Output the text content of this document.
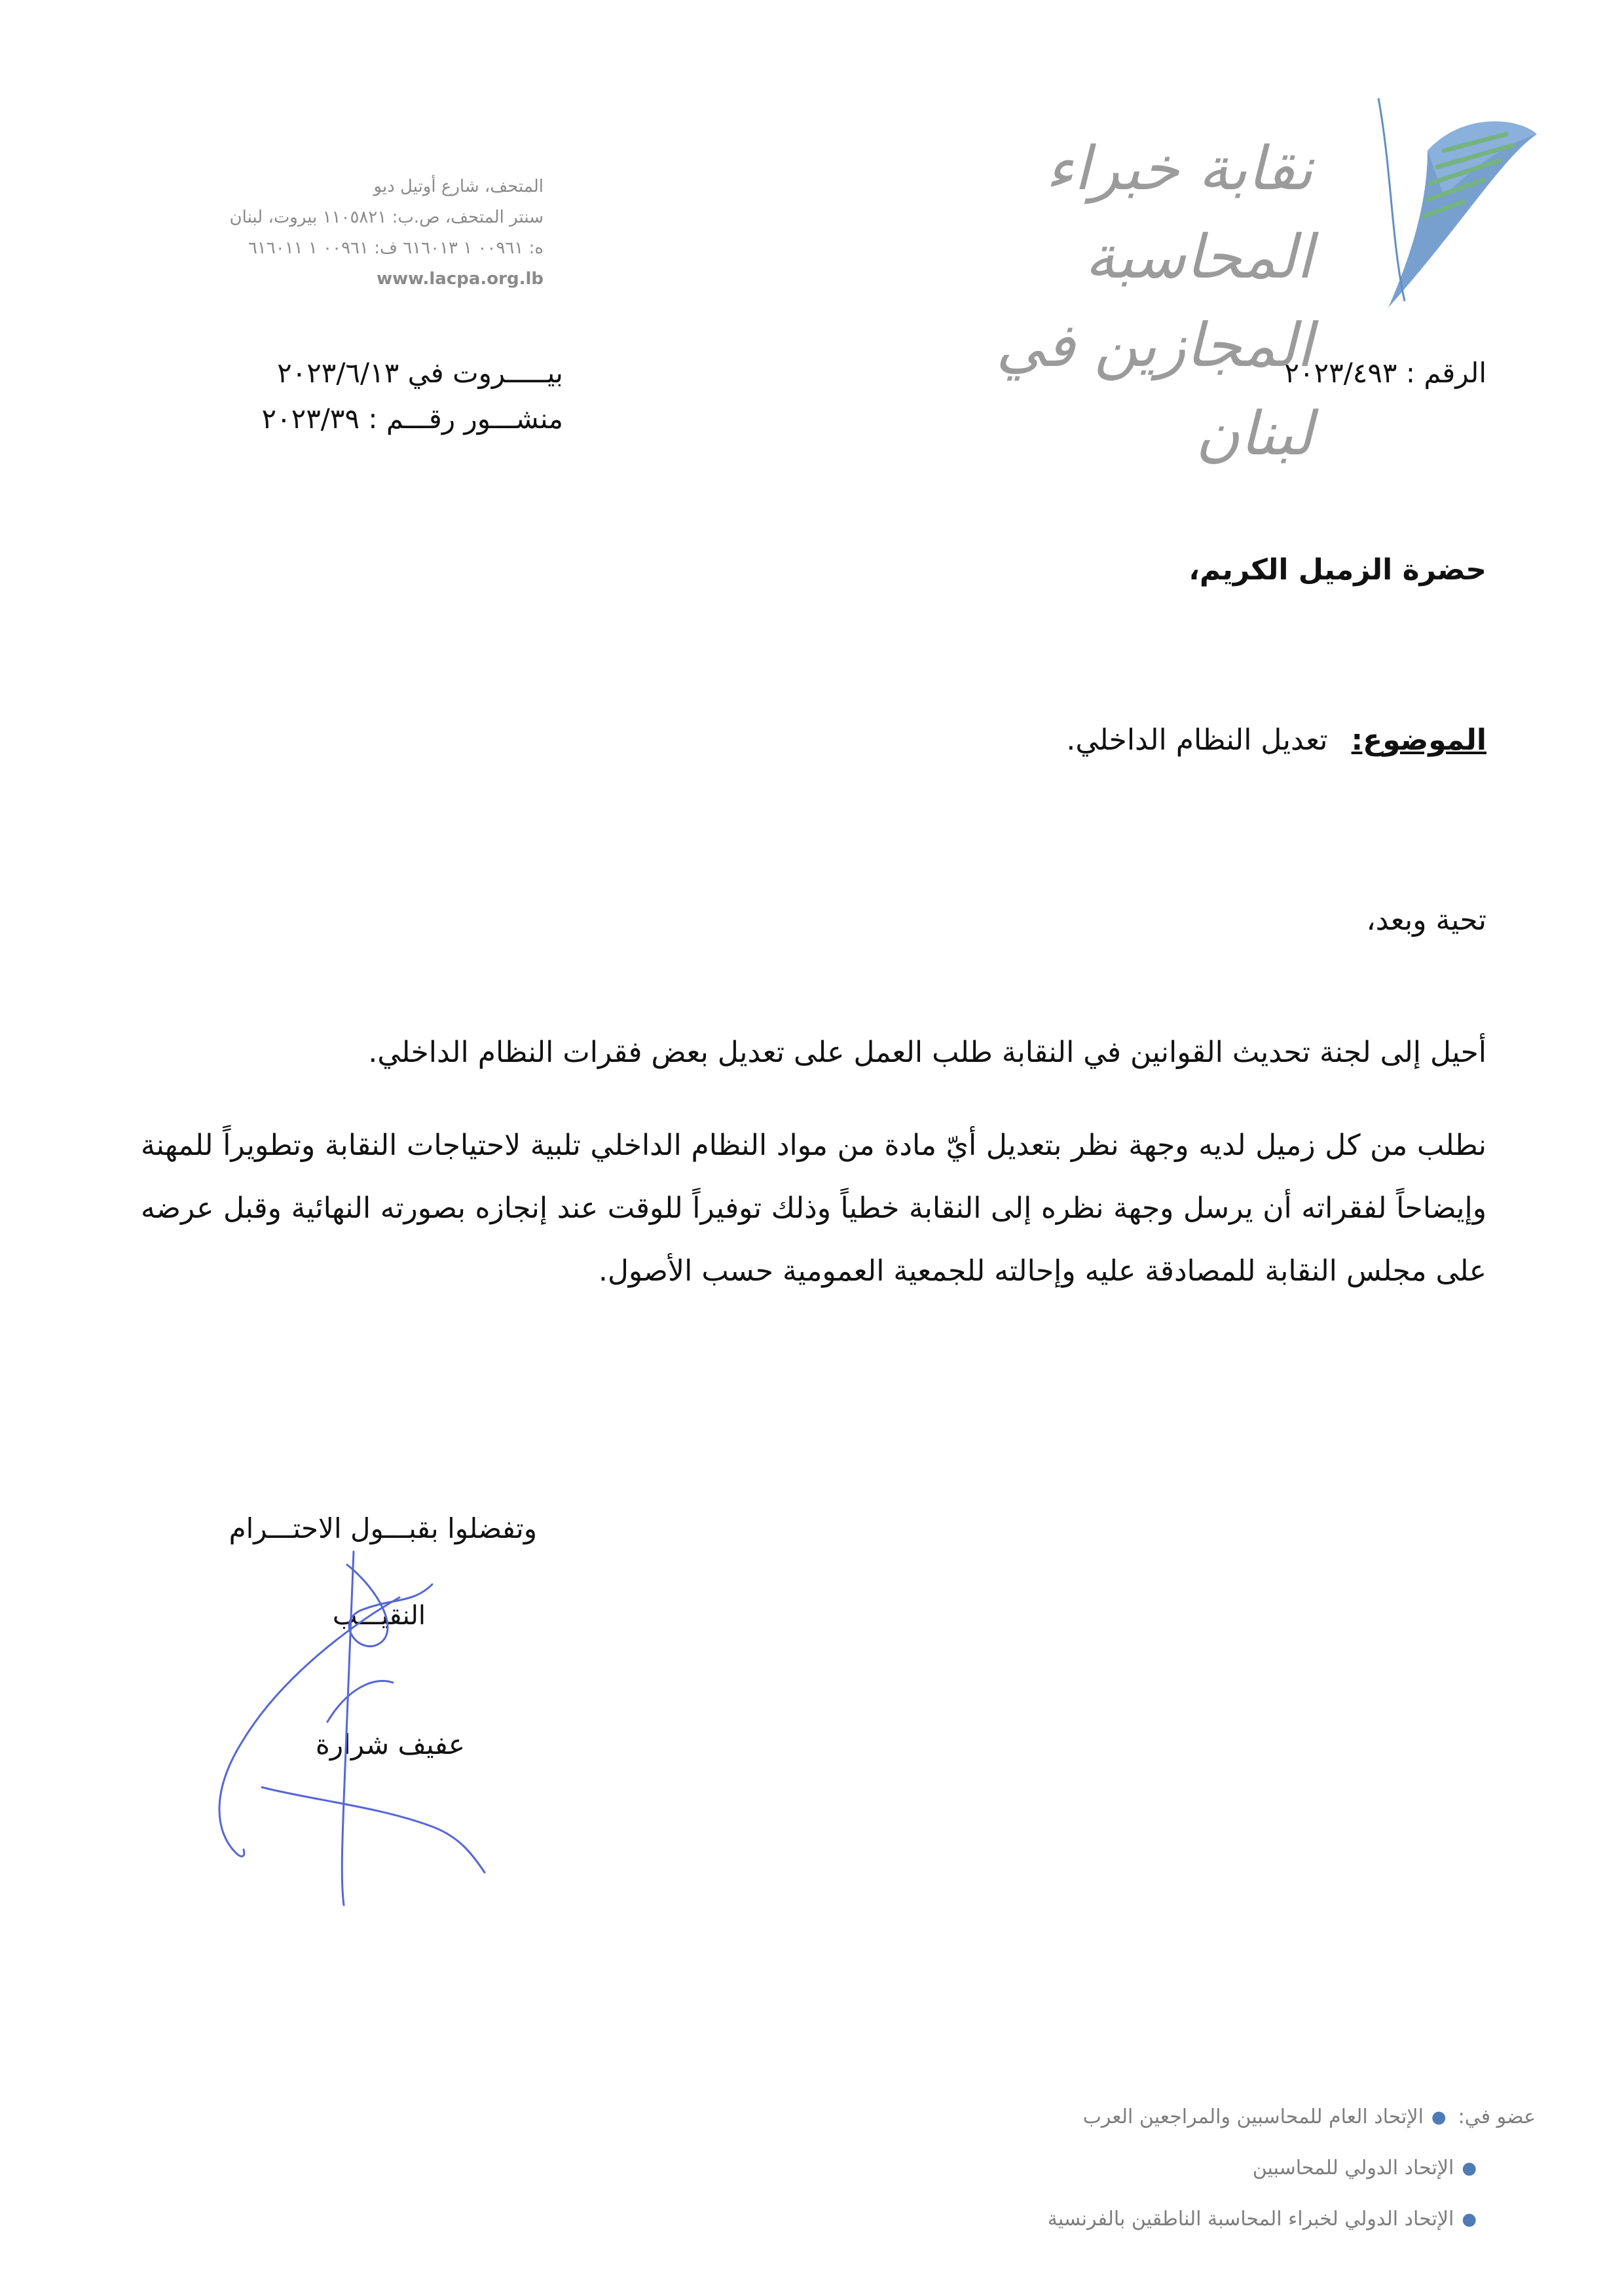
نقابة خبراء المحاسبة
المجازين في لبنان
المتحف، شارع أوتيل ديو
سنتر المتحف، ص.ب: ١١٠٥٨٢١ بيروت، لبنان
ه: ٠٠٩٦١ ١ ٦١٦٠١٣ ف: ٠٠٩٦١ ١ ٦١٦٠١١
www.lacpa.org.lb
الرقم : ٢٠٢٣/٤٩٣
بيـــــروت في ٢٠٢٣/٦/١٣
منشـــور رقـــم : ٢٠٢٣/٣٩
حضرة الزميل الكريم،
الموضوع:تعديل النظام الداخلي.
تحية وبعد،
أحيل إلى لجنة تحديث القوانين في النقابة طلب العمل على تعديل بعض فقرات النظام الداخلي.
نطلب من كل زميل لديه وجهة نظر بتعديل أيّ مادة من مواد النظام الداخلي تلبية لاحتياجات النقابة وتطويراً للمهنة وإيضاحاً لفقراته أن يرسل وجهة نظره إلى النقابة خطياً وذلك توفيراً للوقت عند إنجازه بصورته النهائية وقبل عرضه على مجلس النقابة للمصادقة عليه وإحالته للجمعية العمومية حسب الأصول.
وتفضلوا بقبـــول الاحتـــرام
النقيـــب
عفيف شرارة
عضو في:
●
الإتحاد العام للمحاسبين والمراجعين العرب
●
الإتحاد الدولي للمحاسبين
●
الإتحاد الدولي لخبراء المحاسبة الناطقين بالفرنسية
